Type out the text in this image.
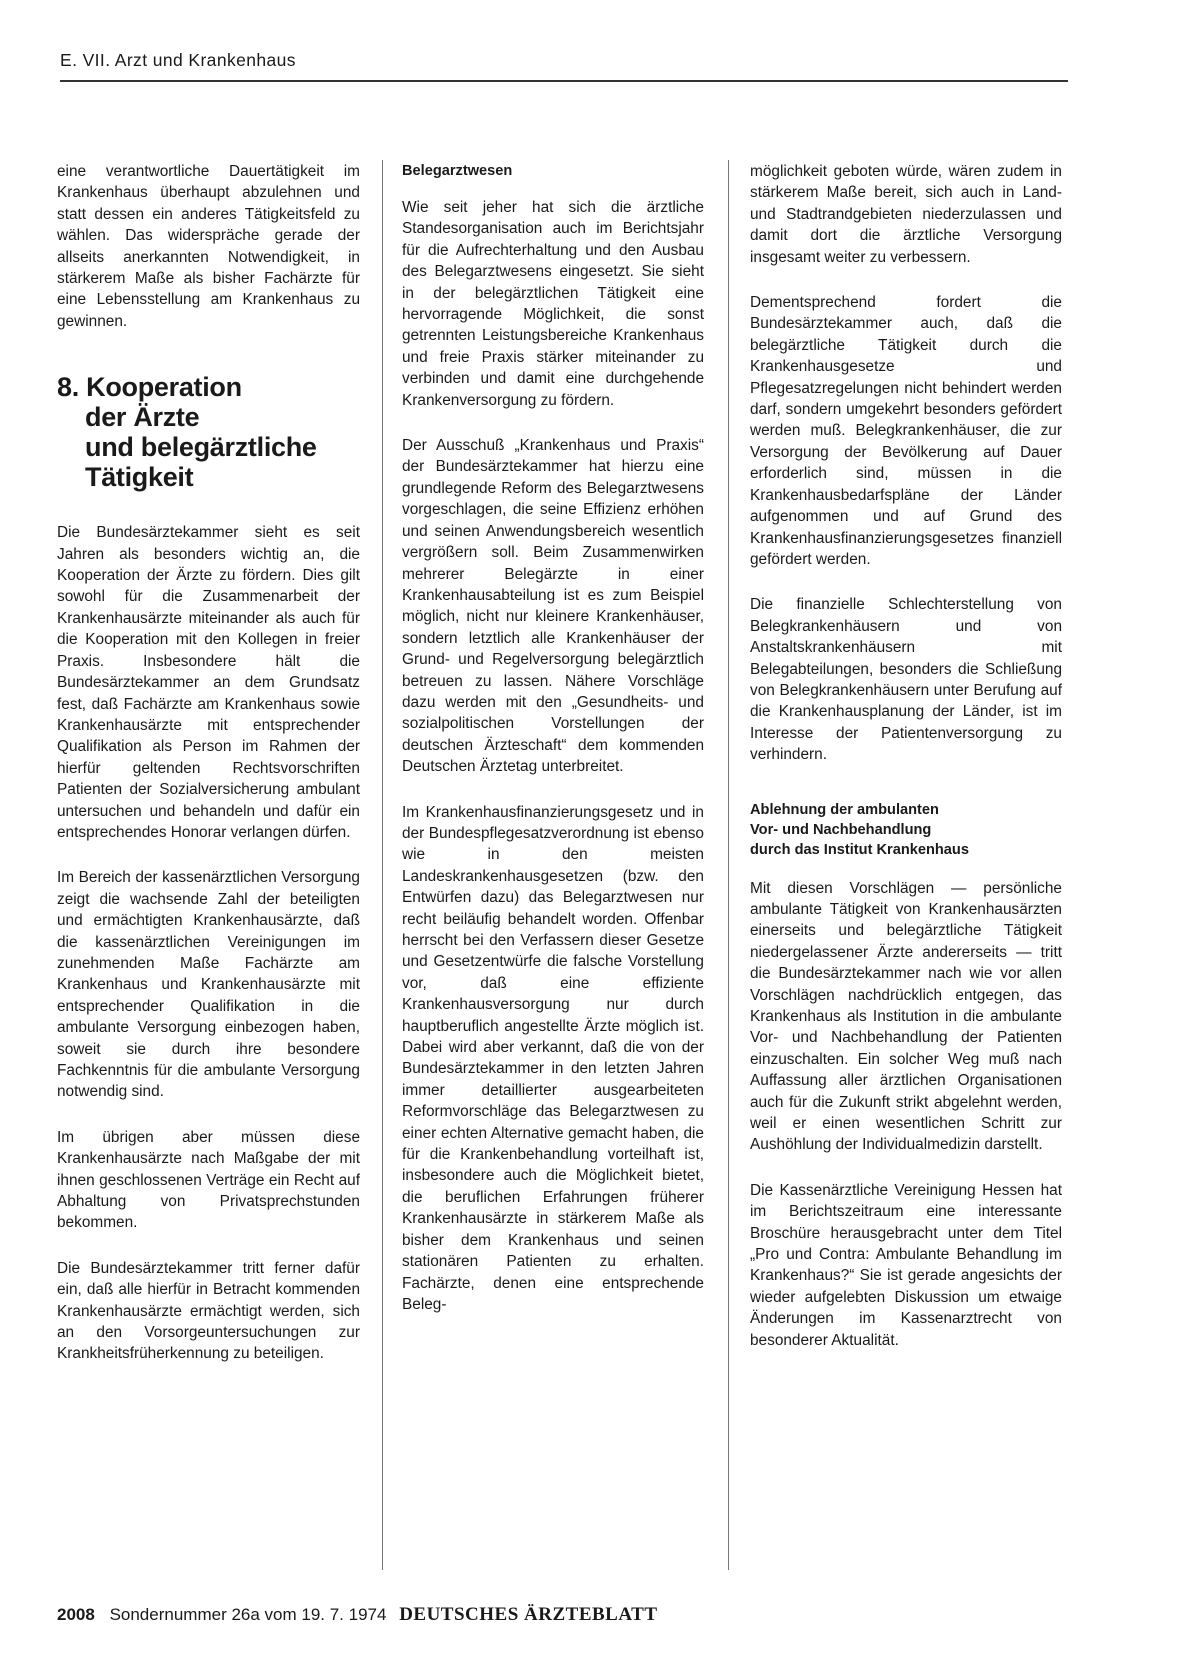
E. VII. Arzt und Krankenhaus

eine verantwortliche Dauertätigkeit im Krankenhaus überhaupt abzulehnen und statt dessen ein anderes Tätigkeitsfeld zu wählen. Das widerspräche gerade der allseits anerkannten Notwendigkeit, in stärkerem Maße als bisher Fachärzte für eine Lebensstellung am Krankenhaus zu gewinnen.

8. Kooperation
der Ärzte
und belegärztliche
Tätigkeit

Die Bundesärztekammer sieht es seit Jahren als besonders wichtig an, die Kooperation der Ärzte zu fördern. Dies gilt sowohl für die Zusammenarbeit der Krankenhausärzte miteinander als auch für die Kooperation mit den Kollegen in freier Praxis. Insbesondere hält die Bundesärztekammer an dem Grundsatz fest, daß Fachärzte am Krankenhaus sowie Krankenhausärzte mit entsprechender Qualifikation als Person im Rahmen der hierfür geltenden Rechtsvorschriften Patienten der Sozialversicherung ambulant untersuchen und behandeln und dafür ein entsprechendes Honorar verlangen dürfen.

Im Bereich der kassenärztlichen Versorgung zeigt die wachsende Zahl der beteiligten und ermächtigten Krankenhausärzte, daß die kassenärztlichen Vereinigungen im zunehmenden Maße Fachärzte am Krankenhaus und Krankenhausärzte mit entsprechender Qualifikation in die ambulante Versorgung einbezogen haben, soweit sie durch ihre besondere Fachkenntnis für die ambulante Versorgung notwendig sind.

Im übrigen aber müssen diese Krankenhausärzte nach Maßgabe der mit ihnen geschlossenen Verträge ein Recht auf Abhaltung von Privatsprechstunden bekommen.

Die Bundesärztekammer tritt ferner dafür ein, daß alle hierfür in Betracht kommenden Krankenhausärzte ermächtigt werden, sich an den Vorsorgeuntersuchungen zur Krankheitsfrüherkennung zu beteiligen.

Belegarztwesen

Wie seit jeher hat sich die ärztliche Standesorganisation auch im Berichtsjahr für die Aufrechterhaltung und den Ausbau des Belegarztwesens eingesetzt. Sie sieht in der belegärztlichen Tätigkeit eine hervorragende Möglichkeit, die sonst getrennten Leistungsbereiche Krankenhaus und freie Praxis stärker miteinander zu verbinden und damit eine durchgehende Krankenversorgung zu fördern.

Der Ausschuß „Krankenhaus und Praxis“ der Bundesärztekammer hat hierzu eine grundlegende Reform des Belegarztwesens vorgeschlagen, die seine Effizienz erhöhen und seinen Anwendungsbereich wesentlich vergrößern soll. Beim Zusammenwirken mehrerer Belegärzte in einer Krankenhausabteilung ist es zum Beispiel möglich, nicht nur kleinere Krankenhäuser, sondern letztlich alle Krankenhäuser der Grund- und Regelversorgung belegärztlich betreuen zu lassen. Nähere Vorschläge dazu werden mit den „Gesundheits- und sozialpolitischen Vorstellungen der deutschen Ärzteschaft“ dem kommenden Deutschen Ärztetag unterbreitet.

Im Krankenhausfinanzierungsgesetz und in der Bundespflegesatzverordnung ist ebenso wie in den meisten Landeskrankenhausgesetzen (bzw. den Entwürfen dazu) das Belegarztwesen nur recht beiläufig behandelt worden. Offenbar herrscht bei den Verfassern dieser Gesetze und Gesetzentwürfe die falsche Vorstellung vor, daß eine effiziente Krankenhausversorgung nur durch hauptberuflich angestellte Ärzte möglich ist. Dabei wird aber verkannt, daß die von der Bundesärztekammer in den letzten Jahren immer detaillierter ausgearbeiteten Reformvorschläge das Belegarztwesen zu einer echten Alternative gemacht haben, die für die Krankenbehandlung vorteilhaft ist, insbesondere auch die Möglichkeit bietet, die beruflichen Erfahrungen früherer Krankenhausärzte in stärkerem Maße als bisher dem Krankenhaus und seinen stationären Patienten zu erhalten. Fachärzte, denen eine entsprechende Beleg-

möglichkeit geboten würde, wären zudem in stärkerem Maße bereit, sich auch in Land- und Stadtrandgebieten niederzulassen und damit dort die ärztliche Versorgung insgesamt weiter zu verbessern.

Dementsprechend fordert die Bundesärztekammer auch, daß die belegärztliche Tätigkeit durch die Krankenhausgesetze und Pflegesatzregelungen nicht behindert werden darf, sondern umgekehrt besonders gefördert werden muß. Belegkrankenhäuser, die zur Versorgung der Bevölkerung auf Dauer erforderlich sind, müssen in die Krankenhausbedarfspläne der Länder aufgenommen und auf Grund des Krankenhausfinanzierungsgesetzes finanziell gefördert werden.

Die finanzielle Schlechterstellung von Belegkrankenhäusern und von Anstaltskrankenhäusern mit Belegabteilungen, besonders die Schließung von Belegkrankenhäusern unter Berufung auf die Krankenhausplanung der Länder, ist im Interesse der Patientenversorgung zu verhindern.

Ablehnung der ambulanten
Vor- und Nachbehandlung
durch das Institut Krankenhaus

Mit diesen Vorschlägen — persönliche ambulante Tätigkeit von Krankenhausärzten einerseits und belegärztliche Tätigkeit niedergelassener Ärzte andererseits — tritt die Bundesärztekammer nach wie vor allen Vorschlägen nachdrücklich entgegen, das Krankenhaus als Institution in die ambulante Vor- und Nachbehandlung der Patienten einzuschalten. Ein solcher Weg muß nach Auffassung aller ärztlichen Organisationen auch für die Zukunft strikt abgelehnt werden, weil er einen wesentlichen Schritt zur Aushöhlung der Individualmedizin darstellt.

Die Kassenärztliche Vereinigung Hessen hat im Berichtszeitraum eine interessante Broschüre herausgebracht unter dem Titel „Pro und Contra: Ambulante Behandlung im Krankenhaus?“ Sie ist gerade angesichts der wieder aufgelebten Diskussion um etwaige Änderungen im Kassenarztrecht von besonderer Aktualität.

2008 Sondernummer 26a vom 19. 7. 1974 DEUTSCHES ÄRZTEBLATT
